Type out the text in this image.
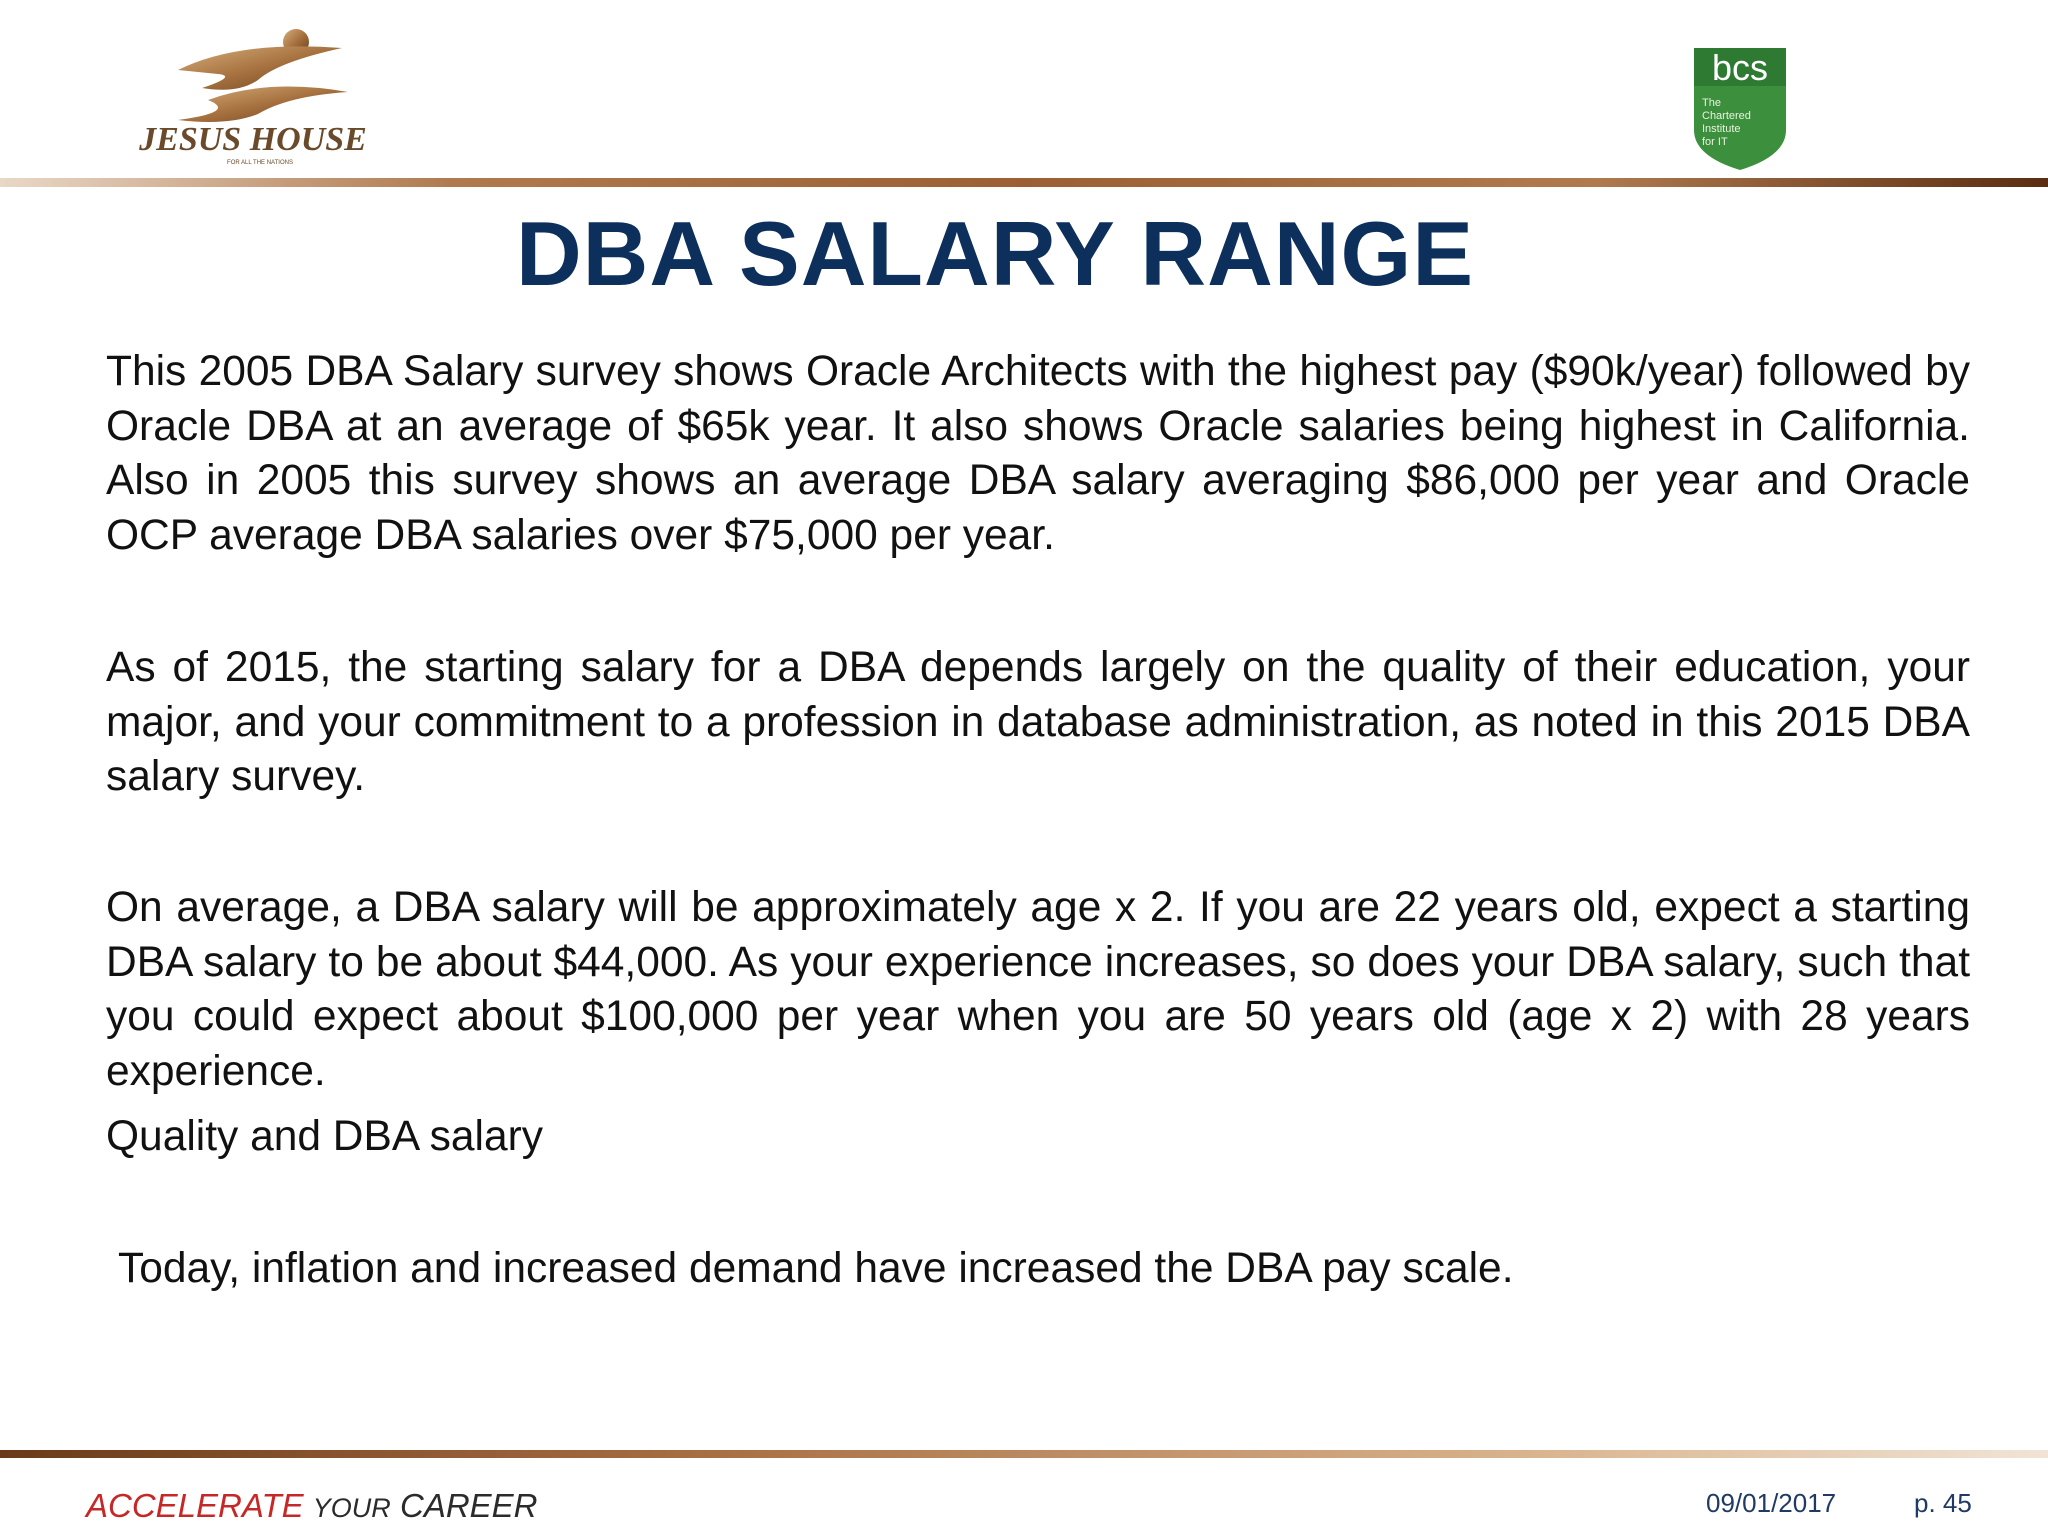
JESUS HOUSE
FOR ALL THE NATIONS
bcs
The
Chartered
Institute
for IT
DBA SALARY RANGE
This 2005 DBA Salary survey shows Oracle Architects with the highest pay ($90k/year) followed by Oracle DBA at an average of $65k year. It also shows Oracle salaries being highest in California. Also in 2005 this survey shows an average DBA salary averaging $86,000 per year and Oracle OCP average DBA salaries over $75,000 per year.
As of 2015, the starting salary for a DBA depends largely on the quality of their education, your major, and your commitment to a profession in database administration, as noted in this 2015 DBA salary survey.
On average, a DBA salary will be approximately age x 2. If you are 22 years old, expect a starting DBA salary to be about $44,000. As your experience increases, so does your DBA salary, such that you could expect about $100,000 per year when you are 50 years old (age x 2) with 28 years experience.
Quality and DBA salary
Today, inflation and increased demand have increased the DBA pay scale.
ACCELERATE YOUR CAREER	09/01/2017	p. 45
